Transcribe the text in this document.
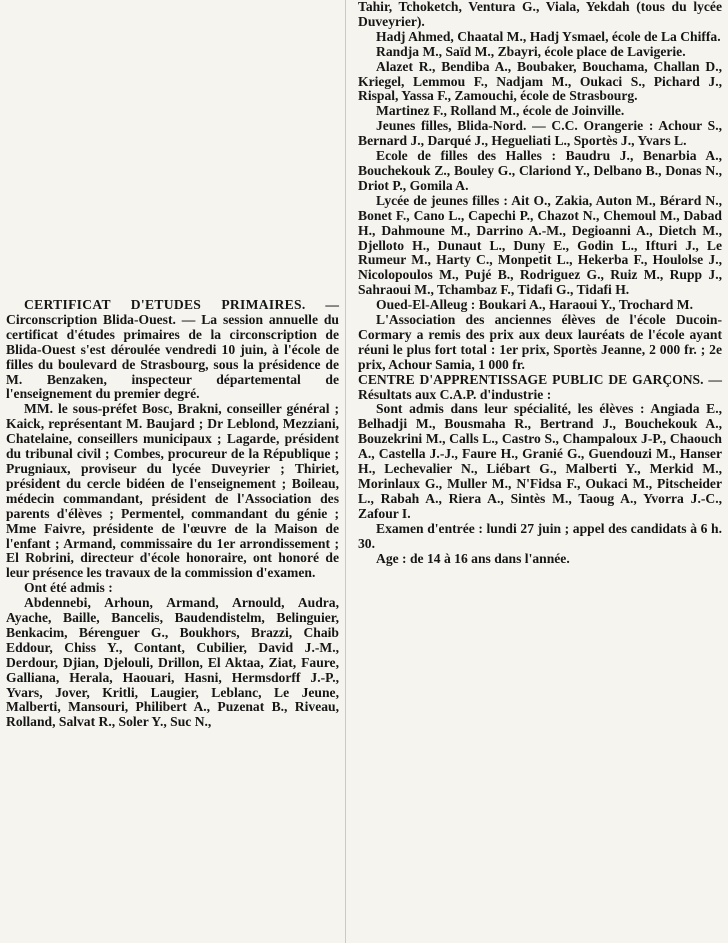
CERTIFICAT D'ETUDES PRIMAIRES. — Circonscription Blida-Ouest. — La session annuelle du certificat d'études primaires de la circonscription de Blida-Ouest s'est déroulée vendredi 10 juin, à l'école de filles du boulevard de Strasbourg, sous la présidence de M. Benzaken, inspecteur départemental de l'enseignement du premier degré.

MM. le sous-préfet Bosc, Brakni, conseiller général ; Kaick, représentant M. Baujard ; Dr Leblond, Mezziani, Chatelaine, conseillers municipaux ; Lagarde, président du tribunal civil ; Combes, procureur de la République ; Prugniaux, proviseur du lycée Duveyrier ; Thiriet, président du cercle bidéen de l'enseignement ; Boileau, médecin commandant, président de l'Association des parents d'élèves ; Permentel, commandant du génie ; Mme Faivre, présidente de l'œuvre de la Maison de l'enfant ; Armand, commissaire du 1er arrondissement ; El Robrini, directeur d'école honoraire, ont honoré de leur présence les travaux de la commission d'examen.

Ont été admis :

Abdennebi, Arhoun, Armand, Arnould, Audra, Ayache, Baille, Bancelis, Baudendistelm, Belinguier, Benkacim, Bérenguer G., Boukhors, Brazzi, Chaib Eddour, Chiss Y., Contant, Cubilier, David J.-M., Derdour, Djian, Djelouli, Drillon, El Aktaa, Ziat, Faure, Galliana, Herala, Haouari, Hasni, Hermsdorff J.-P., Yvars, Jover, Kritli, Laugier, Leblanc, Le Jeune, Malberti, Mansouri, Philibert A., Puzenat B., Riveau, Rolland, Salvat R., Soler Y., Suc N.,

Tahir, Tchoketch, Ventura G., Viala, Yekdah (tous du lycée Duveyrier).

Hadj Ahmed, Chaatal M., Hadj Ysmael, école de La Chiffa.

Randja M., Saïd M., Zbayri, école place de Lavigerie.

Alazet R., Bendiba A., Boubaker, Bouchama, Challan D., Kriegel, Lemmou F., Nadjam M., Oukaci S., Pichard J., Rispal, Yassa F., Zamouchi, école de Strasbourg.

Martinez F., Rolland M., école de Joinville.

Jeunes filles, Blida-Nord. — C.C. Orangerie : Achour S., Bernard J., Darqué J., Hegueliati L., Sportès J., Yvars L.

Ecole de filles des Halles : Baudru J., Benarbia A., Bouchekouk Z., Bouley G., Clariond Y., Delbano B., Donas N., Driot P., Gomila A.

Lycée de jeunes filles : Ait O., Zakia, Auton M., Bérard N., Bonet F., Cano L., Capechi P., Chazot N., Chemoul M., Dabad H., Dahmoune M., Darrino A.-M., Degioanni A., Dietch M., Djelloto H., Dunaut L., Duny E., Godin L., Ifturi J., Le Rumeur M., Harty C., Monpetit L., Hekerba F., Houlolse J., Nicolopoulos M., Pujé B., Rodriguez G., Ruiz M., Rupp J., Sahraoui M., Tchambaz F., Tidafi G., Tidafi H.

Oued-El-Alleug : Boukari A., Haraoui Y., Trochard M.

L'Association des anciennes élèves de l'école Ducoin-Cormary a remis des prix aux deux lauréats de l'école ayant réuni le plus fort total : 1er prix, Sportès Jeanne, 2 000 fr. ; 2e prix, Achour Samia, 1 000 fr.

CENTRE D'APPRENTISSAGE PUBLIC DE GARÇONS. — Résultats aux C.A.P. d'industrie :

Sont admis dans leur spécialité, les élèves : Angiada E., Belhadji M., Bousmaha R., Bertrand J., Bouchekouk A., Bouzekrini M., Calls L., Castro S., Champaloux J-P., Chaouch A., Castella J.-J., Faure H., Granié G., Guendouzi M., Hanser H., Lechevalier N., Liébart G., Malberti Y., Merkid M., Morinlaux G., Muller M., N'Fidsa F., Oukaci M., Pitscheider L., Rabah A., Riera A., Sintès M., Taoug A., Yvorra J.-C., Zafour I.

Examen d'entrée : lundi 27 juin ; appel des candidats à 6 h. 30.

Age : de 14 à 16 ans dans l'année.
